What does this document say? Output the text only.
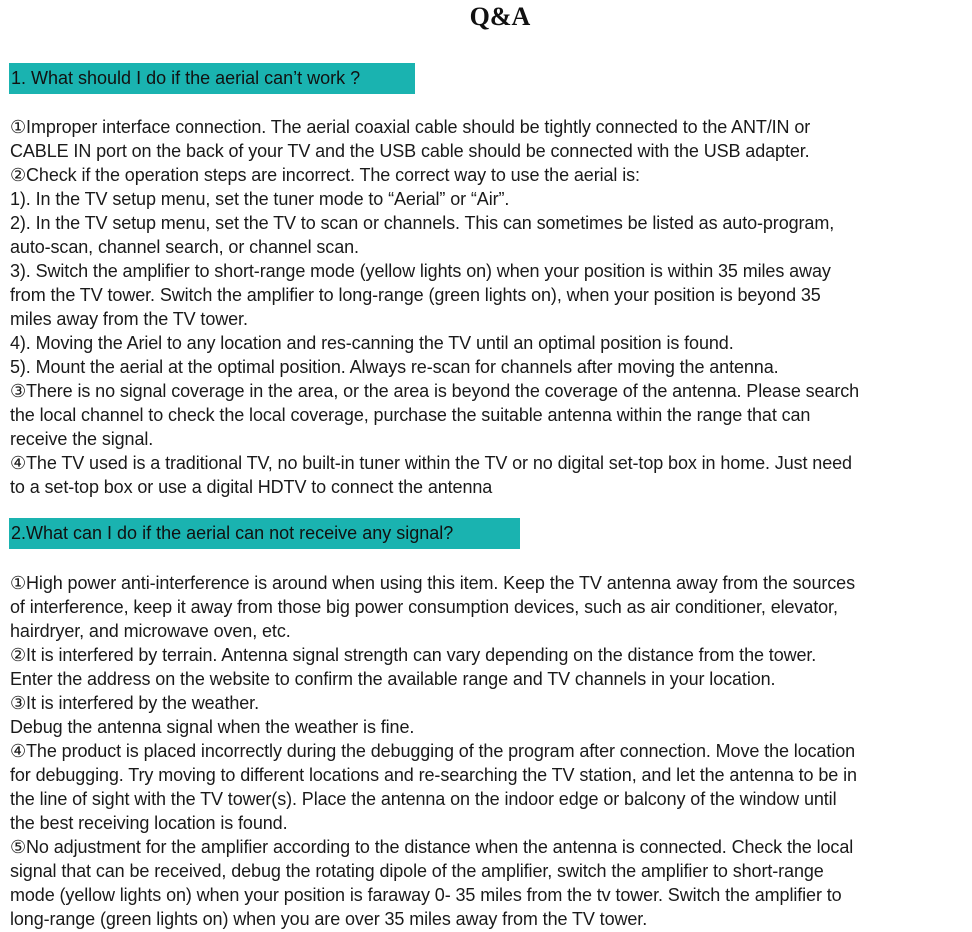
Q&A
1. What should I do if the aerial can’t work ?
①Improper interface connection. The aerial coaxial cable should be tightly connected to the ANT/IN or
CABLE IN port on the back of your TV and the USB cable should be connected with the USB adapter.
②Check if the operation steps are incorrect. The correct way to use the aerial is:
1). In the TV setup menu, set the tuner mode to “Aerial” or “Air”.
2). In the TV setup menu, set the TV to scan or channels. This can sometimes be listed as auto-program,
auto-scan, channel search, or channel scan.
3). Switch the amplifier to short-range mode (yellow lights on) when your position is within 35 miles away
from the TV tower. Switch the amplifier to long-range (green lights on), when your position is beyond 35
miles away from the TV tower.
4). Moving the Ariel to any location and res-canning the TV until an optimal position is found.
5). Mount the aerial at the optimal position. Always re-scan for channels after moving the antenna.
③There is no signal coverage in the area, or the area is beyond the coverage of the antenna. Please search
the local channel to check the local coverage, purchase the suitable antenna within the range that can
receive the signal.
④The TV used is a traditional TV, no built-in tuner within the TV or no digital set-top box in home. Just need
to a set-top box or use a digital HDTV to connect the antenna
2.What can I do if the aerial can not receive any signal?
①High power anti-interference is around when using this item. Keep the TV antenna away from the sources
of interference, keep it away from those big power consumption devices, such as air conditioner, elevator,
hairdryer, and microwave oven, etc.
②It is interfered by terrain. Antenna signal strength can vary depending on the distance from the tower.
Enter the address on the website to confirm the available range and TV channels in your location.
③It is interfered by the weather.
Debug the antenna signal when the weather is fine.
④The product is placed incorrectly during the debugging of the program after connection. Move the location
for debugging. Try moving to different locations and re-searching the TV station, and let the antenna to be in
the line of sight with the TV tower(s). Place the antenna on the indoor edge or balcony of the window until
the best receiving location is found.
⑤No adjustment for the amplifier according to the distance when the antenna is connected. Check the local
signal that can be received, debug the rotating dipole of the amplifier, switch the amplifier to short-range
mode (yellow lights on) when your position is faraway 0- 35 miles from the tv tower. Switch the amplifier to
long-range (green lights on) when you are over 35 miles away from the TV tower.
